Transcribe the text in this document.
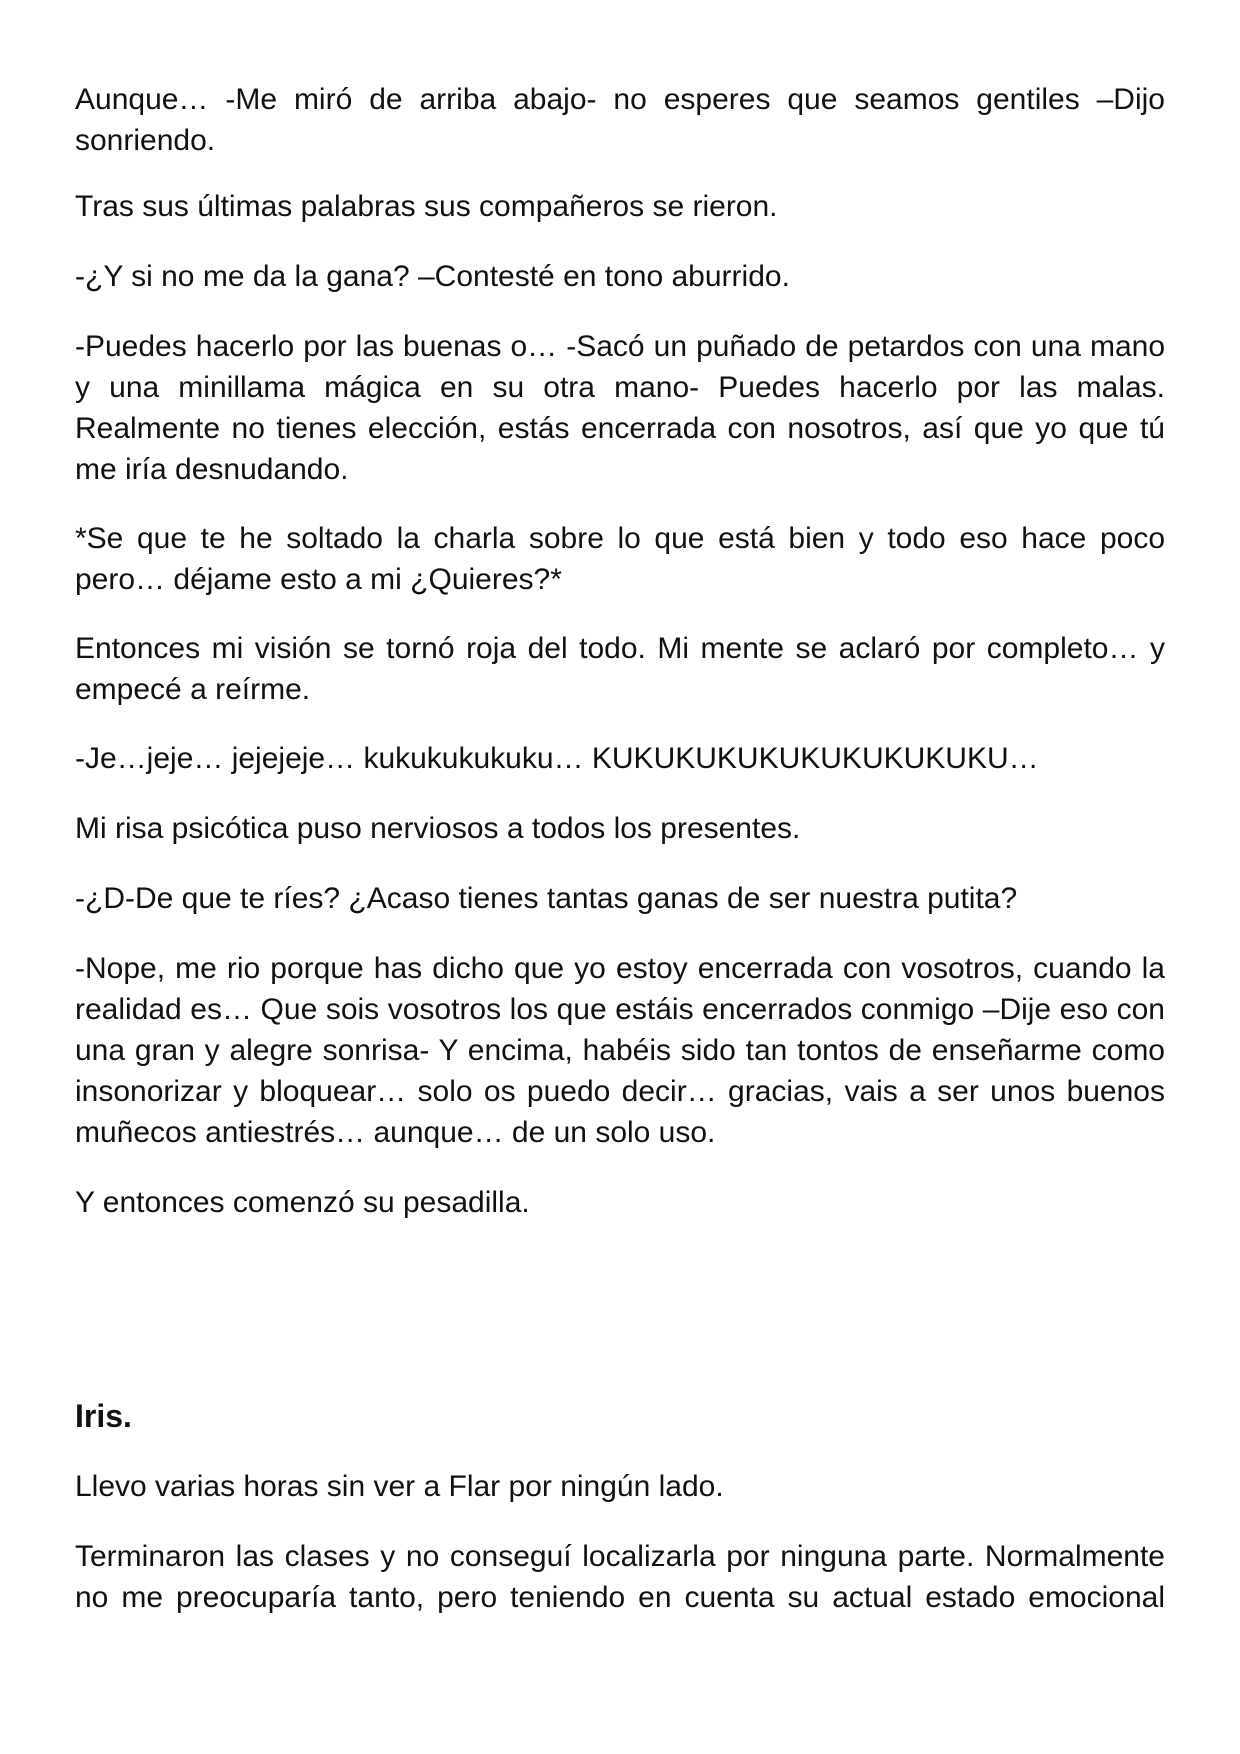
Aunque… -Me miró de arriba abajo- no esperes que seamos gentiles –Dijo sonriendo.

Tras sus últimas palabras sus compañeros se rieron.

-¿Y si no me da la gana? –Contesté en tono aburrido.

-Puedes hacerlo por las buenas o… -Sacó un puñado de petardos con una mano y una minillama mágica en su otra mano- Puedes hacerlo por las malas. Realmente no tienes elección, estás encerrada con nosotros, así que yo que tú me iría desnudando.

*Se que te he soltado la charla sobre lo que está bien y todo eso hace poco pero… déjame esto a mi ¿Quieres?*

Entonces mi visión se tornó roja del todo. Mi mente se aclaró por completo… y empecé a reírme.

-Je…jeje… jejejeje… kukukukukuku… KUKUKUKUKUKUKUKUKUKU…

Mi risa psicótica puso nerviosos a todos los presentes.

-¿D-De que te ríes? ¿Acaso tienes tantas ganas de ser nuestra putita?

-Nope, me rio porque has dicho que yo estoy encerrada con vosotros, cuando la realidad es… Que sois vosotros los que estáis encerrados conmigo –Dije eso con una gran y alegre sonrisa- Y encima, habéis sido tan tontos de enseñarme como insonorizar y bloquear… solo os puedo decir… gracias, vais a ser unos buenos muñecos antiestrés… aunque… de un solo uso.

Y entonces comenzó su pesadilla.

Iris.

Llevo varias horas sin ver a Flar por ningún lado.

Terminaron las clases y no conseguí localizarla por ninguna parte. Normalmente no me preocuparía tanto, pero teniendo en cuenta su actual estado emocional
